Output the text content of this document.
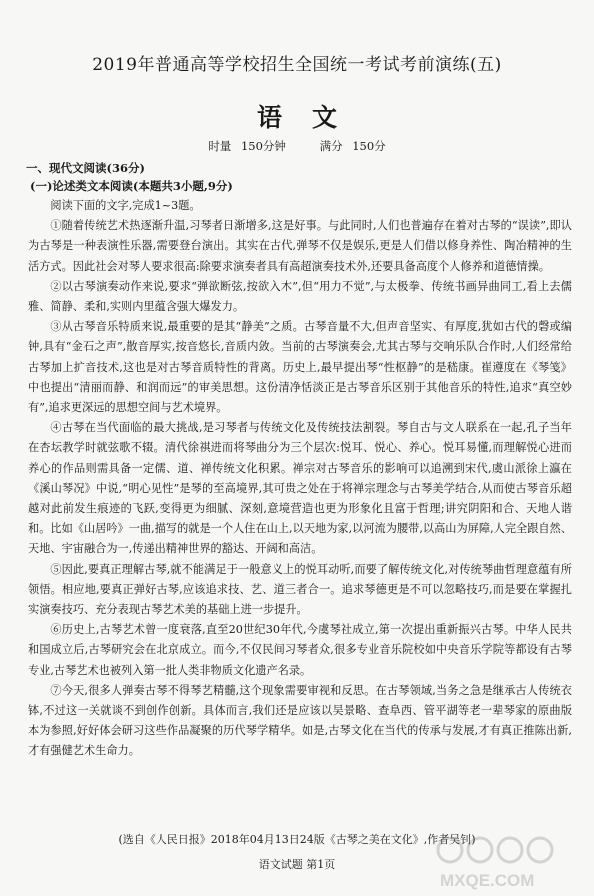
2019年普通高等学校招生全国统一考试考前演练(五)
语文
时量 150分钟	满分 150分
一、现代文阅读(36分)
(一)论述类文本阅读(本题共3小题,9分)

阅读下面的文字,完成1~3题。

①随着传统艺术热逐渐升温,习琴者日渐增多,这是好事。与此同时,人们也普遍存在着对古琴的“误读”,即认为古琴是一种表演性乐器,需要登台演出。其实在古代,弹琴不仅是娱乐,更是人们借以修身养性、陶冶精神的生活方式。因此社会对琴人要求很高:除要求演奏者具有高超演奏技术外,还要具备高度个人修养和道德情操。

②以古琴演奏动作来说,要求“弹欲断弦,按欲入木”,但“用力不觉”,与太极拳、传统书画异曲同工,看上去儒雅、简静、柔和,实则内里蕴含强大爆发力。

③从古琴音乐特质来说,最重要的是其“静美”之质。古琴音量不大,但声音坚实、有厚度,犹如古代的磬或编钟,具有“金石之声”,散音厚实,按音悠长,音质内敛。当前的古琴演奏会,尤其古琴与交响乐队合作时,人们经常给古琴加上扩音技术,这也是对古琴音质特性的背离。历史上,最早提出琴“性枢静”的是嵇康。崔遵度在《琴笺》中也提出“清丽而静、和润而远”的审美思想。这份清净恬淡正是古琴音乐区别于其他音乐的特性,追求“真空妙有”,追求更深远的思想空间与艺术境界。

④古琴在当代面临的最大挑战,是习琴者与传统文化及传统技法割裂。琴自古与文人联系在一起,孔子当年在杏坛教学时就弦歌不辍。清代徐祺进而将琴曲分为三个层次:悦耳、悦心、养心。悦耳易懂,而理解悦心进而养心的作品则需具备一定儒、道、禅传统文化积累。禅宗对古琴音乐的影响可以追溯到宋代,虞山派徐上瀛在《溪山琴况》中说,“明心见性”是琴的至高境界,其可贵之处在于将禅宗理念与古琴美学结合,从而使古琴音乐超越对此前发生痕迹的飞跃,变得更为细腻、深刻,意境营造也更为形象化且富于哲理;讲究阴阳和合、天地人谐和。比如《山居吟》一曲,描写的就是一个人住在山上,以天地为家,以河流为腰带,以高山为屏障,人完全跟自然、天地、宇宙融合为一,传递出精神世界的豁达、开阔和高洁。

⑤因此,要真正理解古琴,就不能满足于一般意义上的悦耳动听,而要了解传统文化,对传统琴曲哲理意蕴有所领悟。相应地,要真正弹好古琴,应该追求技、艺、道三者合一。追求琴德更是不可以忽略技巧,而是要在掌握扎实演奏技巧、充分表现古琴艺术美的基础上进一步提升。

⑥历史上,古琴艺术曾一度衰落,直至20世纪30年代,今虞琴社成立,第一次提出重新振兴古琴。中华人民共和国成立后,古琴研究会在北京成立。而今,不仅民间习琴者众,很多专业音乐院校如中央音乐学院等都设有古琴专业,古琴艺术也被列入第一批人类非物质文化遗产名录。

⑦今天,很多人弹奏古琴不得琴艺精髓,这个现象需要审视和反思。在古琴领域,当务之急是继承古人传统衣钵,不过这一关就谈不到创作创新。具体而言,我们还是应该以吴景略、查阜西、管平湖等老一辈琴家的原曲版本为参照,好好体会研习这些作品凝聚的历代琴学精华。如是,古琴文化在当代的传承与发展,才有真正推陈出新,才有强健艺术生命力。

(选自《人民日报》2018年04月13日24版《古琴之美在文化》,作者吴钊)
语文试题 第1页
MXQE.COM
